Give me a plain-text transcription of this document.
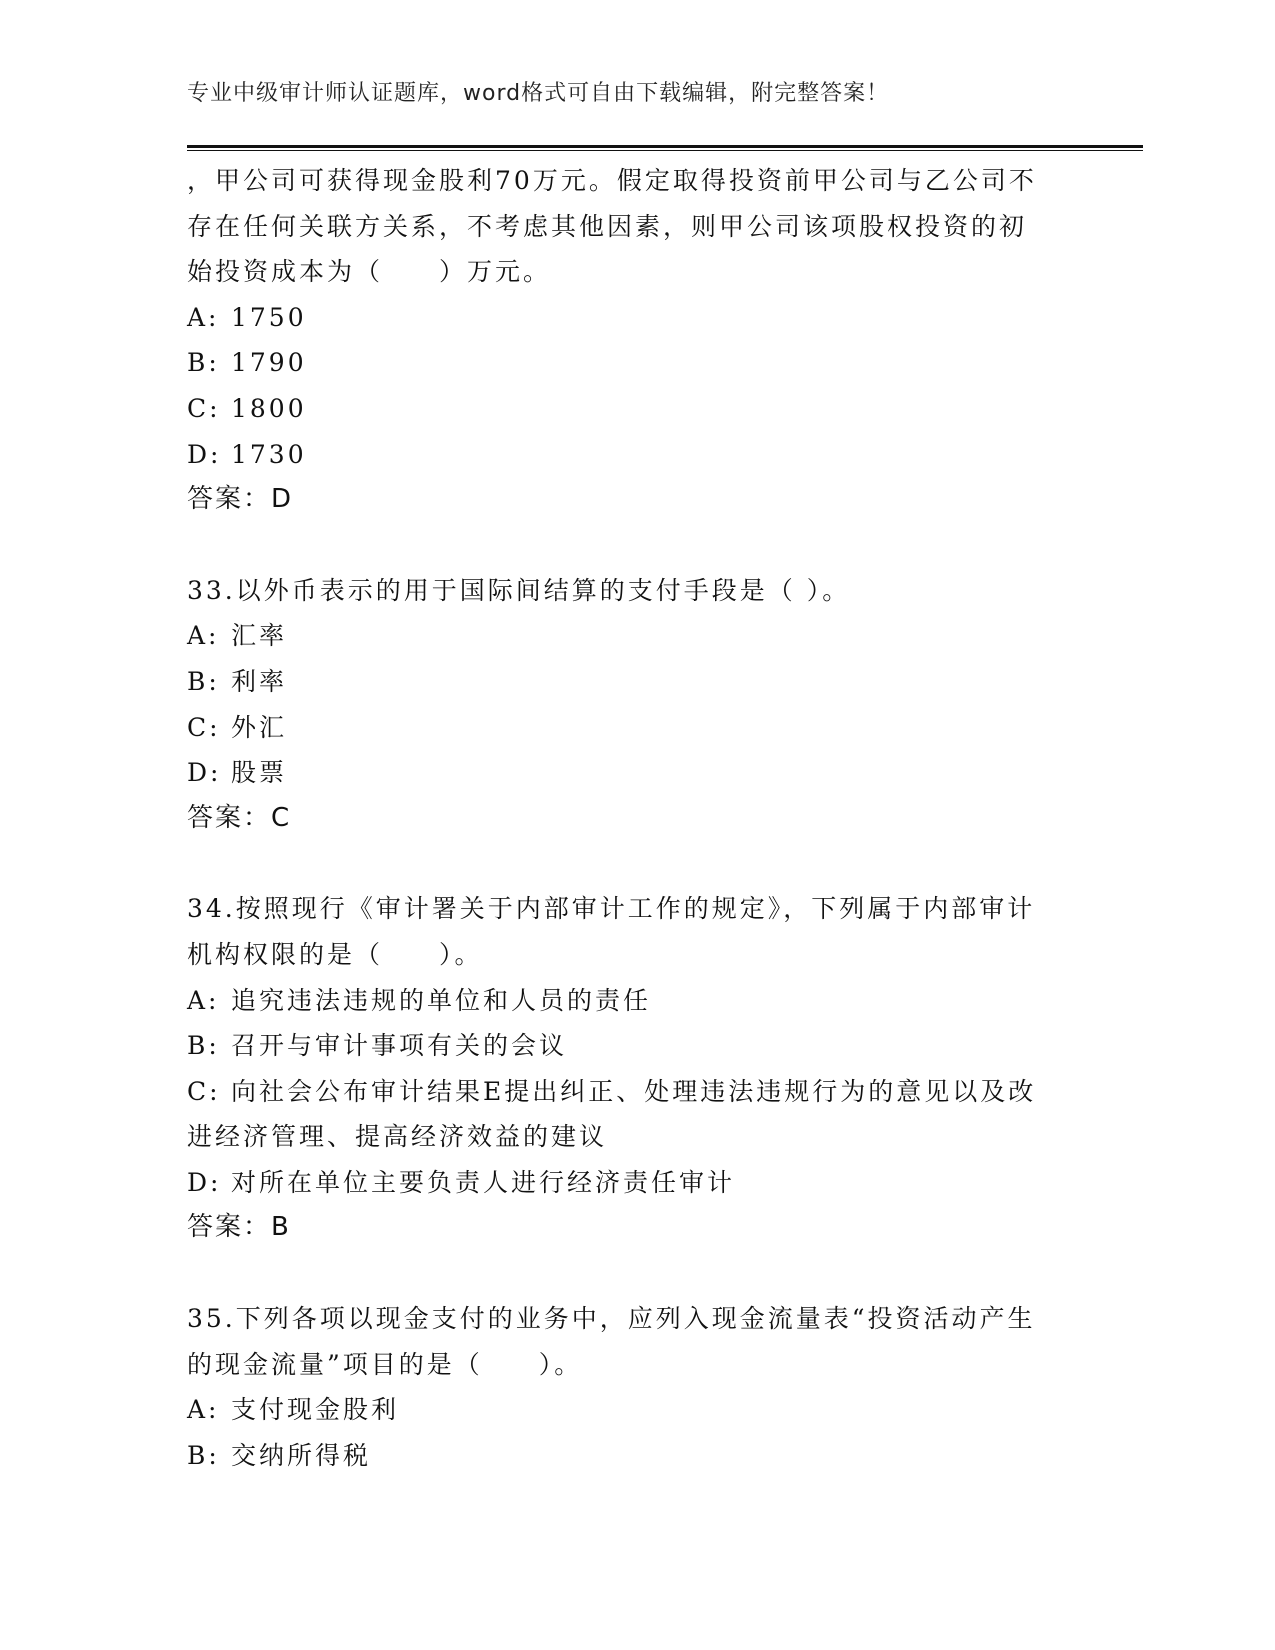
专业中级审计师认证题库，word格式可自由下载编辑，附完整答案！
，甲公司可获得现金股利70万元。假定取得投资前甲公司与乙公司不
存在任何关联方关系，不考虑其他因素，则甲公司该项股权投资的初
始投资成本为（　　）万元。
A: 1750
B: 1790
C: 1800
D: 1730
答案：D
33.以外币表示的用于国际间结算的支付手段是（ ）。
A: 汇率
B: 利率
C: 外汇
D: 股票
答案：C
34.按照现行《审计署关于内部审计工作的规定》，下列属于内部审计
机构权限的是（　　）。
A: 追究违法违规的单位和人员的责任
B: 召开与审计事项有关的会议
C: 向社会公布审计结果E提出纠正、处理违法违规行为的意见以及改
进经济管理、提高经济效益的建议
D: 对所在单位主要负责人进行经济责任审计
答案：B
35.下列各项以现金支付的业务中，应列入现金流量表“投资活动产生
的现金流量”项目的是（　　）。
A: 支付现金股利
B: 交纳所得税
